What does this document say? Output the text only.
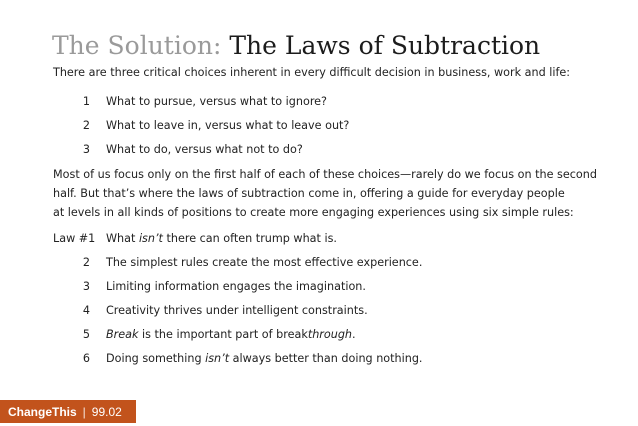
The Solution: The Laws of Subtraction
There are three critical choices inherent in every difficult decision in business, work and life:
1 What to pursue, versus what to ignore?
2 What to leave in, versus what to leave out?
3 What to do, versus what not to do?
Most of us focus only on the first half of each of these choices—rarely do we focus on the second
half. But that’s where the laws of subtraction come in, offering a guide for everyday people
at levels in all kinds of positions to create more engaging experiences using six simple rules:
Law #1 What isn’t there can often trump what is.
2 The simplest rules create the most effective experience.
3 Limiting information engages the imagination.
4 Creativity thrives under intelligent constraints.
5 Break is the important part of breakthrough.
6 Doing something isn’t always better than doing nothing.
ChangeThis | 99.02
